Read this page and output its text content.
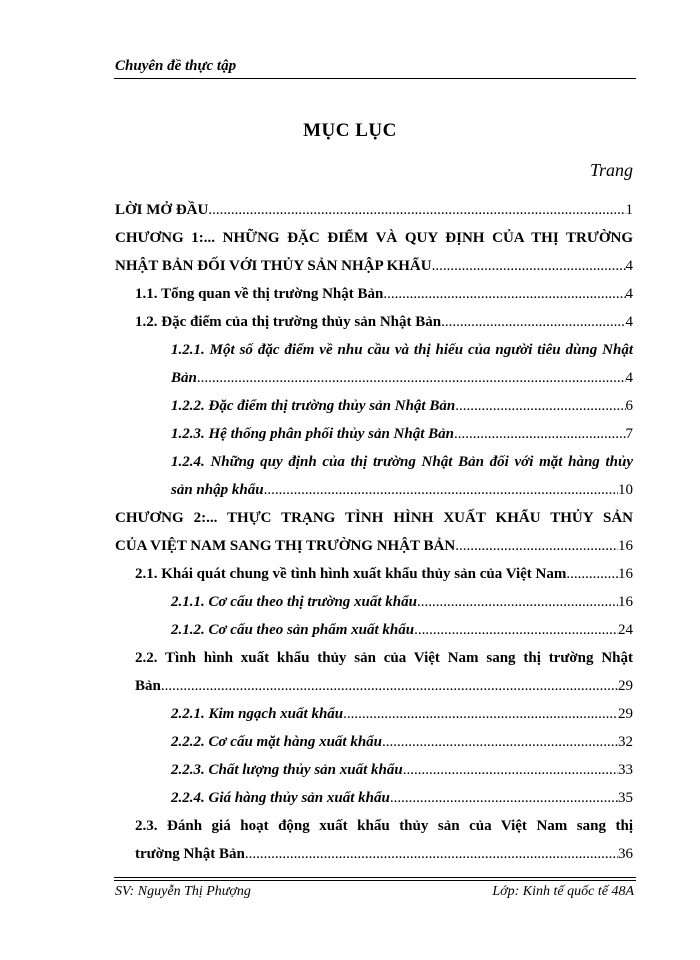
Chuyên đề thực tập
MỤC LỤC
Trang
LỜI MỞ ĐẦU .....	1
CHƯƠNG 1:... NHỮNG ĐẶC ĐIỂM VÀ QUY ĐỊNH CỦA THỊ TRƯỜNG
NHẬT BẢN ĐỐI VỚI THỦY SẢN NHẬP KHẨU .....	4
1.1. Tổng quan về thị trường Nhật Bản .....	4
1.2. Đặc điểm của thị trường thủy sản Nhật Bản .....	4
1.2.1. Một số đặc điểm về nhu cầu và thị hiếu của người tiêu dùng Nhật
Bản .....	4
1.2.2. Đặc điểm thị trường thủy sản Nhật Bản .....	6
1.2.3. Hệ thống phân phối thủy sản Nhật Bản .....	7
1.2.4. Những quy định của thị trường Nhật Bản đối với mặt hàng thủy
sản nhập khẩu .....	10
CHƯƠNG 2:... THỰC TRẠNG TÌNH HÌNH XUẤT KHẨU THỦY SẢN
CỦA VIỆT NAM SANG THỊ TRƯỜNG NHẬT BẢN .....	16
2.1. Khái quát chung về tình hình xuất khẩu thủy sản của Việt Nam .....	16
2.1.1. Cơ cấu theo thị trường xuất khẩu .....	16
2.1.2. Cơ cấu theo sản phẩm xuất khẩu .....	24
2.2. Tình hình xuất khẩu thủy sản của Việt Nam sang thị trường Nhật
Bản .....	29
2.2.1. Kim ngạch xuất khẩu .....	29
2.2.2. Cơ cấu mặt hàng xuất khẩu .....	32
2.2.3. Chất lượng thủy sản xuất khẩu .....	33
2.2.4. Giá hàng thủy sản xuất khẩu .....	35
2.3. Đánh giá hoạt động xuất khẩu thủy sản của Việt Nam sang thị
trường Nhật Bản .....	36
SV: Nguyễn Thị Phượng	Lớp: Kinh tế quốc tế 48A
